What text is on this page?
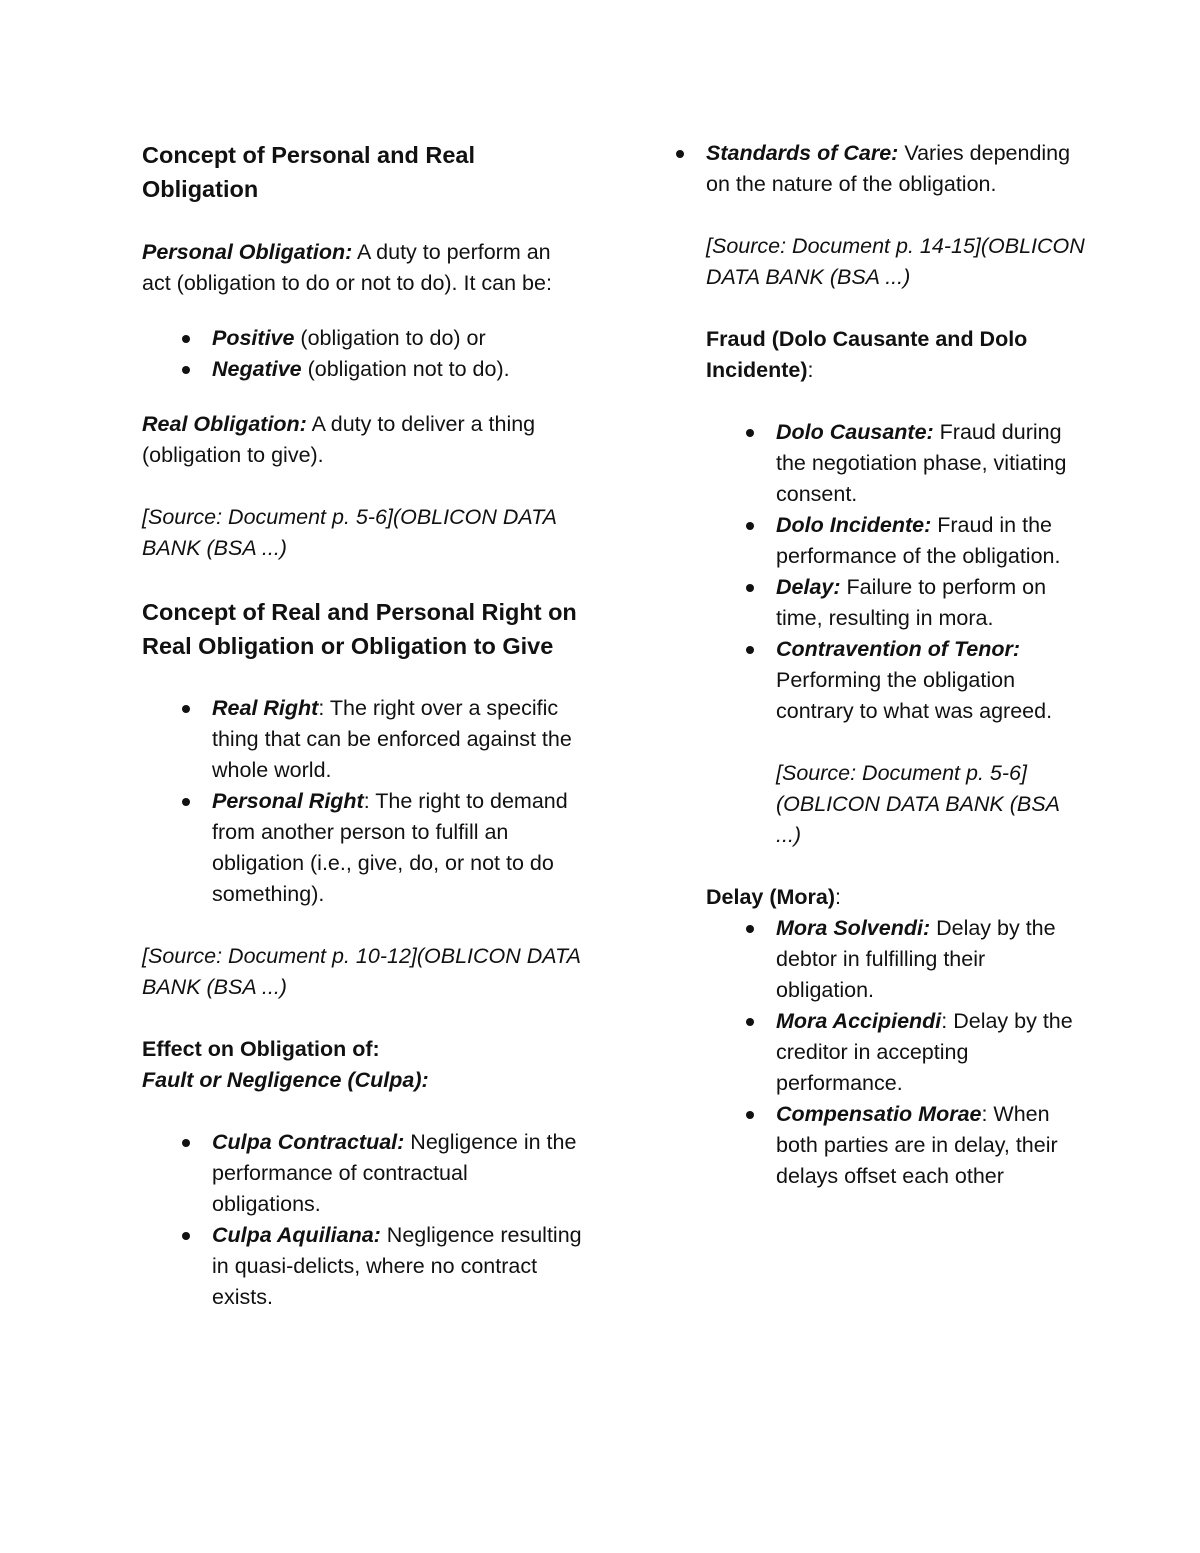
Concept of Personal and Real Obligation

Personal Obligation: A duty to perform an act (obligation to do or not to do). It can be:

Positive (obligation to do) or
Negative (obligation not to do).

Real Obligation: A duty to deliver a thing (obligation to give).

[Source: Document p. 5-6](OBLICON DATA BANK (BSA ...)

Concept of Real and Personal Right on Real Obligation or Obligation to Give

Real Right: The right over a specific thing that can be enforced against the whole world.
Personal Right: The right to demand from another person to fulfill an obligation (i.e., give, do, or not to do something).

[Source: Document p. 10-12](OBLICON DATA BANK (BSA ...)

Effect on Obligation of:

Fault or Negligence (Culpa):

Culpa Contractual: Negligence in the performance of contractual obligations.
Culpa Aquiliana: Negligence resulting in quasi-delicts, where no contract exists.
Standards of Care: Varies depending on the nature of the obligation.

[Source: Document p. 14-15](OBLICON DATA BANK (BSA ...)

Fraud (Dolo Causante and Dolo Incidente):

Dolo Causante: Fraud during the negotiation phase, vitiating consent.
Dolo Incidente: Fraud in the performance of the obligation.
Delay: Failure to perform on time, resulting in mora.
Contravention of Tenor: Performing the obligation contrary to what was agreed.

[Source: Document p. 5-6](OBLICON DATA BANK (BSA ...)

Delay (Mora):

Mora Solvendi: Delay by the debtor in fulfilling their obligation.
Mora Accipiendi: Delay by the creditor in accepting performance.
Compensatio Morae: When both parties are in delay, their delays offset each other
